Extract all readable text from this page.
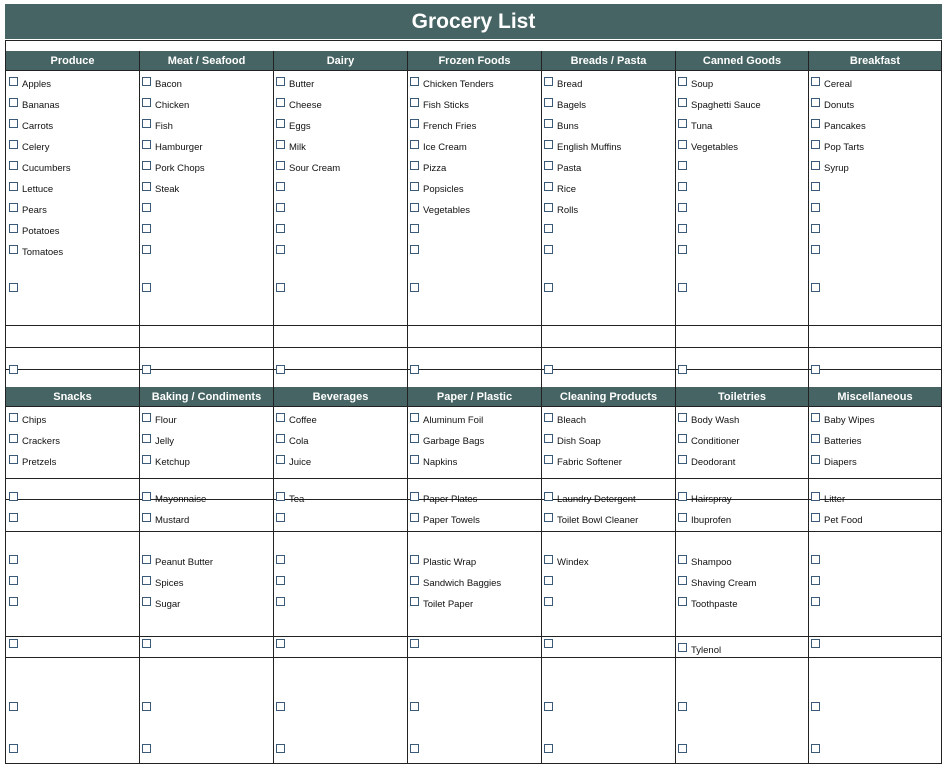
Grocery List
Produce
Apples
Bananas
Carrots
Celery
Cucumbers
Lettuce
Pears
Potatoes
Tomatoes
Meat / Seafood
Bacon
Chicken
Fish
Hamburger
Pork Chops
Steak
Dairy
Butter
Cheese
Eggs
Milk
Sour Cream
Frozen Foods
Chicken Tenders
Fish Sticks
French Fries
Ice Cream
Pizza
Popsicles
Vegetables
Breads / Pasta
Bread
Bagels
Buns
English Muffins
Pasta
Rice
Rolls
Canned Goods
Soup
Spaghetti Sauce
Tuna
Vegetables
Breakfast
Cereal
Donuts
Pancakes
Pop Tarts
Syrup
Snacks
Chips
Crackers
Pretzels
Baking / Condiments
Flour
Jelly
Ketchup
Mayonnaise
Mustard
Peanut Butter
Spices
Sugar
Beverages
Coffee
Cola
Juice
Tea
Paper / Plastic
Aluminum Foil
Garbage Bags
Napkins
Paper Plates
Paper Towels
Plastic Wrap
Sandwich Baggies
Toilet Paper
Cleaning Products
Bleach
Dish Soap
Fabric Softener
Laundry Detergent
Toilet Bowl Cleaner
Windex
Toiletries
Body Wash
Conditioner
Deodorant
Hairspray
Ibuprofen
Shampoo
Shaving Cream
Toothpaste
Tylenol
Miscellaneous
Baby Wipes
Batteries
Diapers
Litter
Pet Food
